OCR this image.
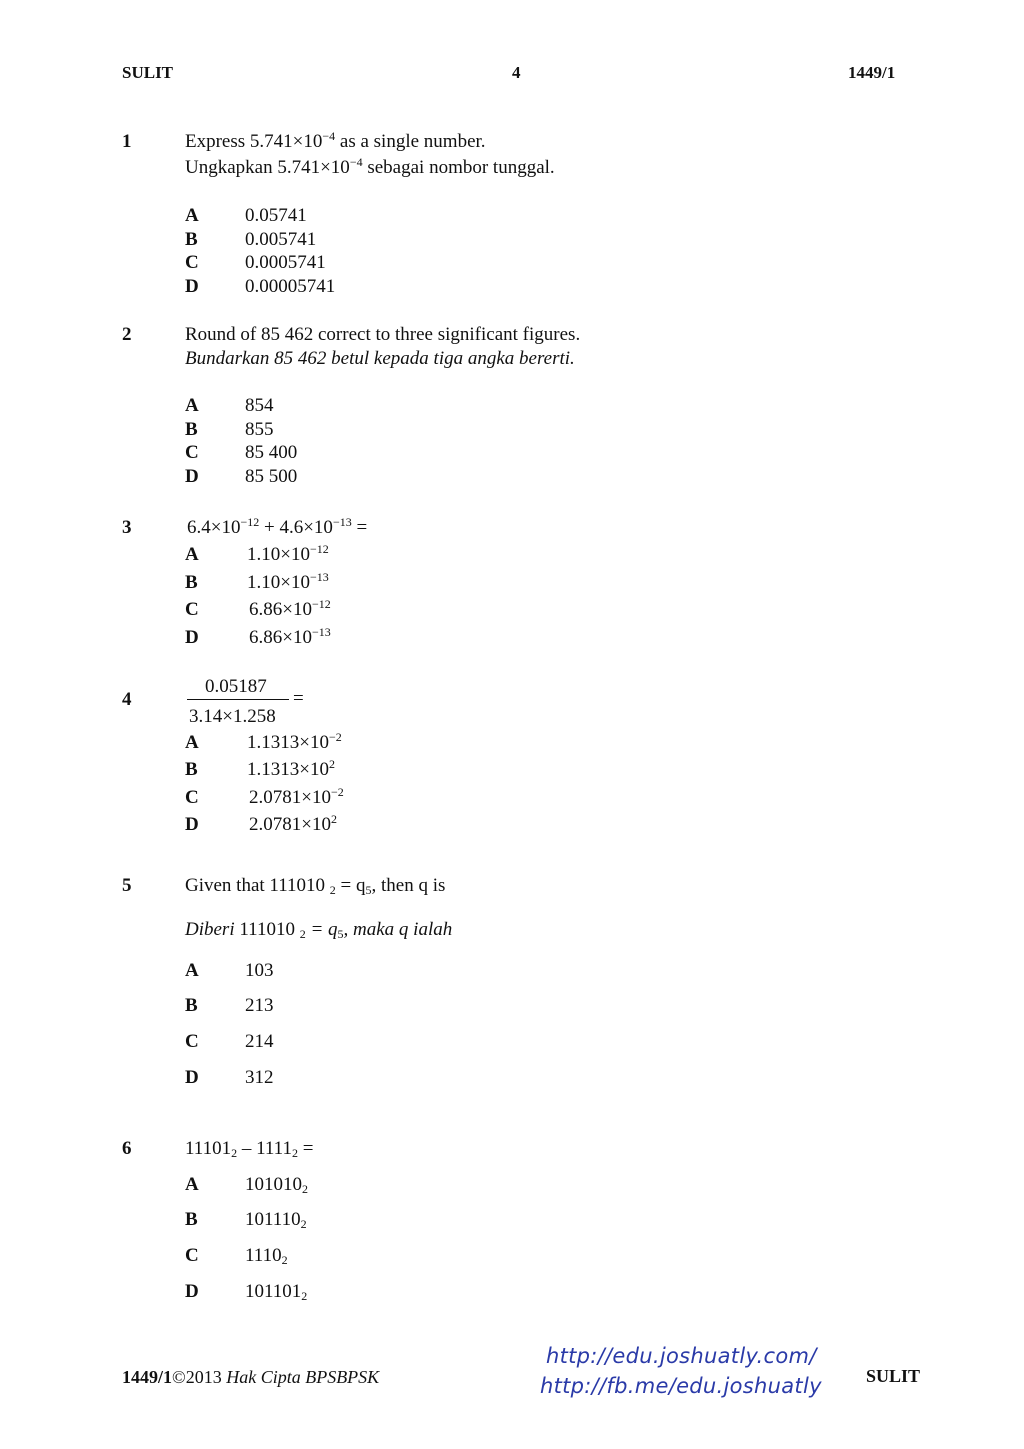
SULIT	4	1449/1
1	Express $5.741\times 10^{-4}$ as a single number.
Ungkapkan $5.741\times 10^{-4}$ sebagai nombor tunggal.
A 0.05741
B 0.005741
C 0.0005741
D 0.00005741
2	Round of 85 462 correct to three significant figures.
Bundarkan 85 462 betul kepada tiga angka bererti.
A 854
B 855
C 85 400
D 85 500
3	$6.4\times 10^{-12} + 4.6\times 10^{-13}$ =
A	$1.10\times 10^{-12}$
B	$1.10\times 10^{-13}$
C	$6.86\times 10^{-12}$
D	$6.86\times 10^{-13}$
4
0.05187
3.14×1.258
=
A	$1.1313\times 10^{-2}$
B	$1.1313\times 10^2$
C	$2.0781\times 10^{-2}$
D	$2.0781\times 10^2$
5	Given that 111010 $_2 = q_5$, then q is
Diberi 111010 $_2 = q_5$, maka q ialah
A 103
B 213
C 214
D 312
6	$11101_2 - 1111_2$ =
A $101010_2$
B $101110_2$
C $1110_2$
D $101101_2$
1449/1©2013 Hak Cipta BPSBPSK
http://edu.joshuatly.com/
http://fb.me/edu.joshuatly SULIT
